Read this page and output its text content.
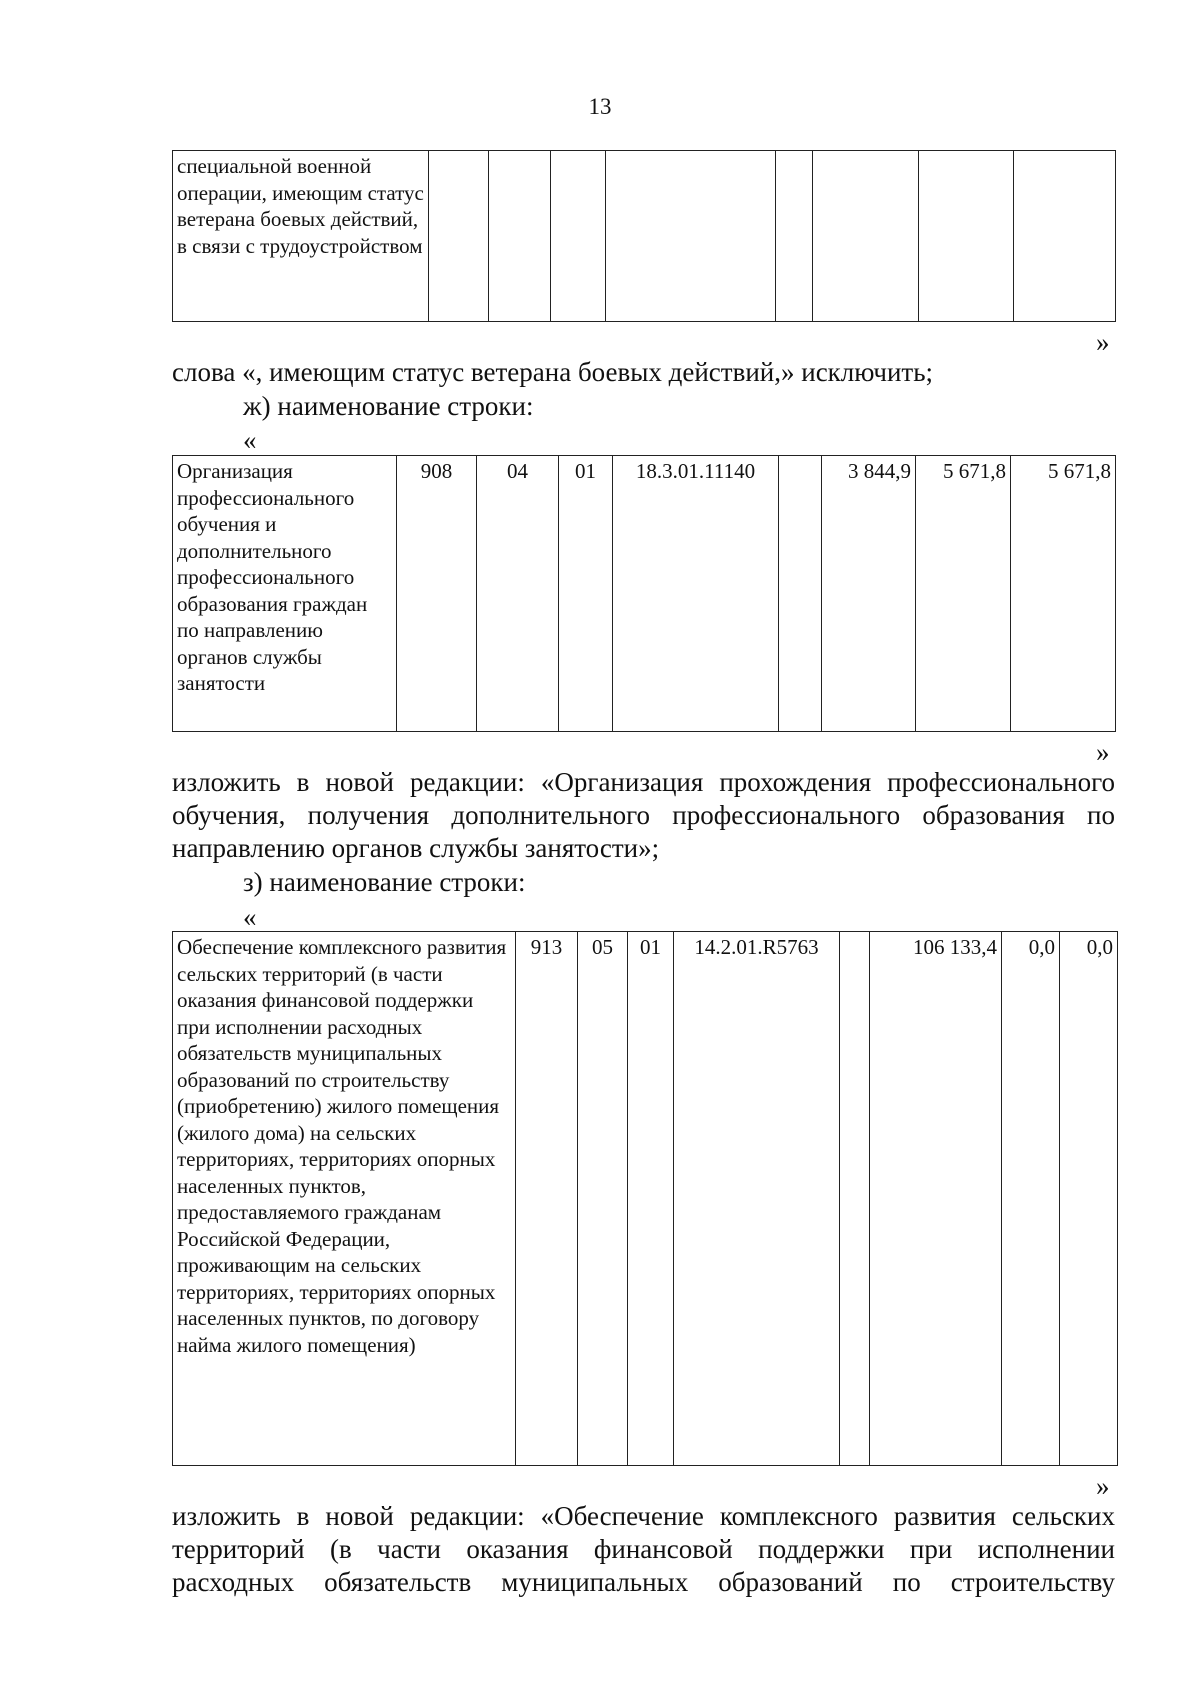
13
специальной военной операции, имеющим статус ветерана боевых действий, в связи с трудоустройством								
»
слова «, имеющим статус ветерана боевых действий,» исключить;
ж) наименование строки:
«
Организация профессионального обучения и дополнительного профессионального образования граждан по направлению органов службы занятости	908	04	01	18.3.01.11140		3 844,9	5 671,8	5 671,8
»
изложить в новой редакции: «Организация прохождения профессионального
обучения, получения дополнительного профессионального образования по
направлению органов службы занятости»;
з) наименование строки:
«
Обеспечение комплексного развития сельских территорий (в части оказания финансовой поддержки при исполнении расходных обязательств муниципальных образований по строительству (приобретению) жилого помещения (жилого дома) на сельских территориях, территориях опорных населенных пунктов, предоставляемого гражданам Российской Федерации, проживающим на сельских территориях, территориях опорных населенных пунктов, по договору найма жилого помещения)	913	05	01	14.2.01.R5763		106 133,4	0,0	0,0
»
изложить в новой редакции: «Обеспечение комплексного развития сельских
территорий (в части оказания финансовой поддержки при исполнении
расходных обязательств муниципальных образований по строительству
